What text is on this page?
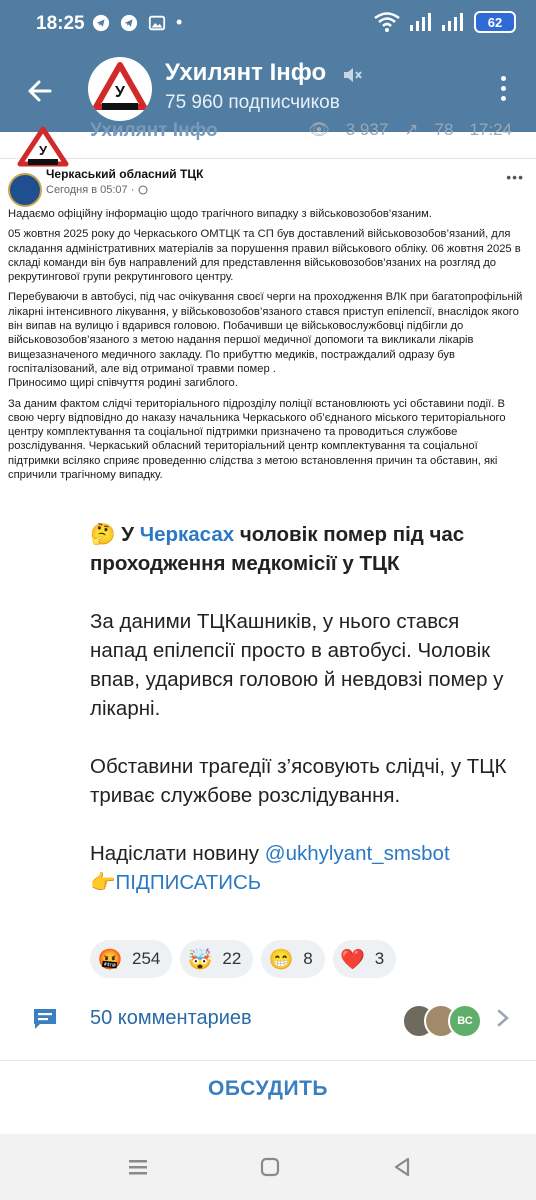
18:25	•	62
У
Ухилянт Інфо
75 960 подписчиков
Ухилянт Інфо	👁 3 937 ↗ 78 17:24
Черкаський обласний ТЦК
Сегодня в 05:07 ·
•••

Надаємо офіційну інформацію щодо трагічного випадку з військовозобов’язаним.

05 жовтня 2025 року до Черкаського ОМТЦК та СП був доставлений військовозобов’язаний, для складання адміністративних матеріалів за порушення правил військового обліку. 06 жовтня 2025 в складі команди він був направлений для представлення військовозобов’язаних на розгляд до рекрутингової групи рекрутингового центру.

Перебуваючи в автобусі, під час очікування своєї черги на проходження ВЛК при багатопрофільній лікарні інтенсивного лікування, у військовозобов’язаного стався приступ епілепсії, внаслідок якого він випав на вулицю і вдарився головою. Побачивши це військовослужбовці підбігли до військовозобов’язаного з метою надання першої медичної допомоги та викликали лікарів вищезазначеного медичного закладу. По прибуттю медиків, постраждалий одразу був госпіталізований, але від отриманої травми помер .
Приносимо щирі співчуття родині загиблого.

За даним фактом слідчі територіального підрозділу поліції встановлюють усі обставини події. В свою чергу відповідно до наказу начальника Черкаського об’єднаного міського територіального центру комплектування та соціальної підтримки призначено та проводиться службове розслідування. Черкаський обласний територіальний центр комплектування та соціальної підтримки всіляко сприяє проведенню слідства з метою встановлення причин та обставин, які спричили трагічному випадку.

У

🤔 У Черкасах чоловік помер під час проходження медкомісії у ТЦК

За даними ТЦКашників, у нього стався напад епілепсії просто в автобусі. Чоловік впав, ударився головою й невдовзі помер у лікарні.

Обставини трагедії з’ясовують слідчі, у ТЦК триває службове розслідування.

Надіслати новину @ukhylyant_smsbot
👉ПІДПИСАТИСЬ

🤬 254 🤯 22 😁 8 ❤️ 3
50 комментариев	ВС
ОБСУДИТЬ
